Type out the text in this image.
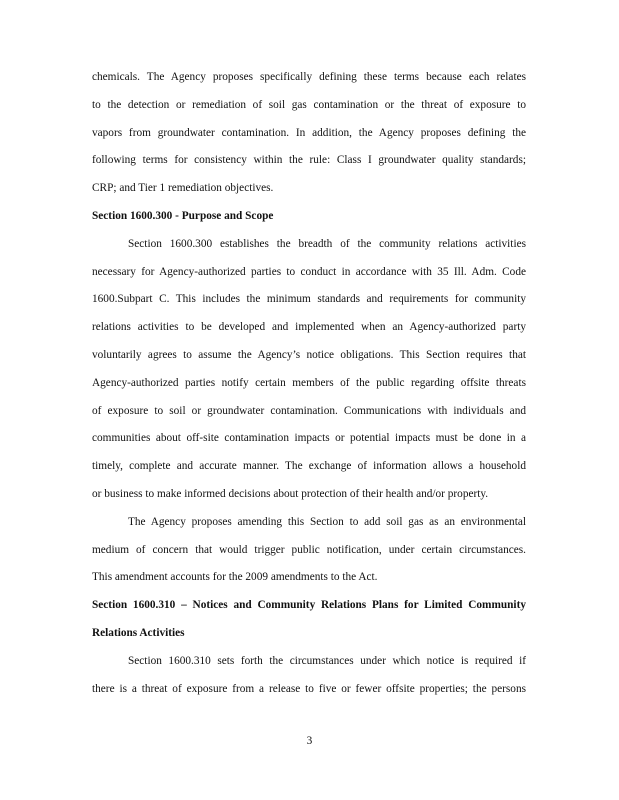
chemicals. The Agency proposes specifically defining these terms because each relates
to the detection or remediation of soil gas contamination or the threat of exposure to
vapors from groundwater contamination. In addition, the Agency proposes defining the
following terms for consistency within the rule: Class I groundwater quality standards;
CRP; and Tier 1 remediation objectives.
Section 1600.300 - Purpose and Scope
Section 1600.300 establishes the breadth of the community relations activities
necessary for Agency-authorized parties to conduct in accordance with 35 Ill. Adm. Code
1600.Subpart C. This includes the minimum standards and requirements for community
relations activities to be developed and implemented when an Agency-authorized party
voluntarily agrees to assume the Agency’s notice obligations. This Section requires that
Agency-authorized parties notify certain members of the public regarding offsite threats
of exposure to soil or groundwater contamination. Communications with individuals and
communities about off-site contamination impacts or potential impacts must be done in a
timely, complete and accurate manner. The exchange of information allows a household
or business to make informed decisions about protection of their health and/or property.
The Agency proposes amending this Section to add soil gas as an environmental
medium of concern that would trigger public notification, under certain circumstances.
This amendment accounts for the 2009 amendments to the Act.
Section 1600.310 – Notices and Community Relations Plans for Limited Community
Relations Activities
Section 1600.310 sets forth the circumstances under which notice is required if
there is a threat of exposure from a release to five or fewer offsite properties; the persons
3
